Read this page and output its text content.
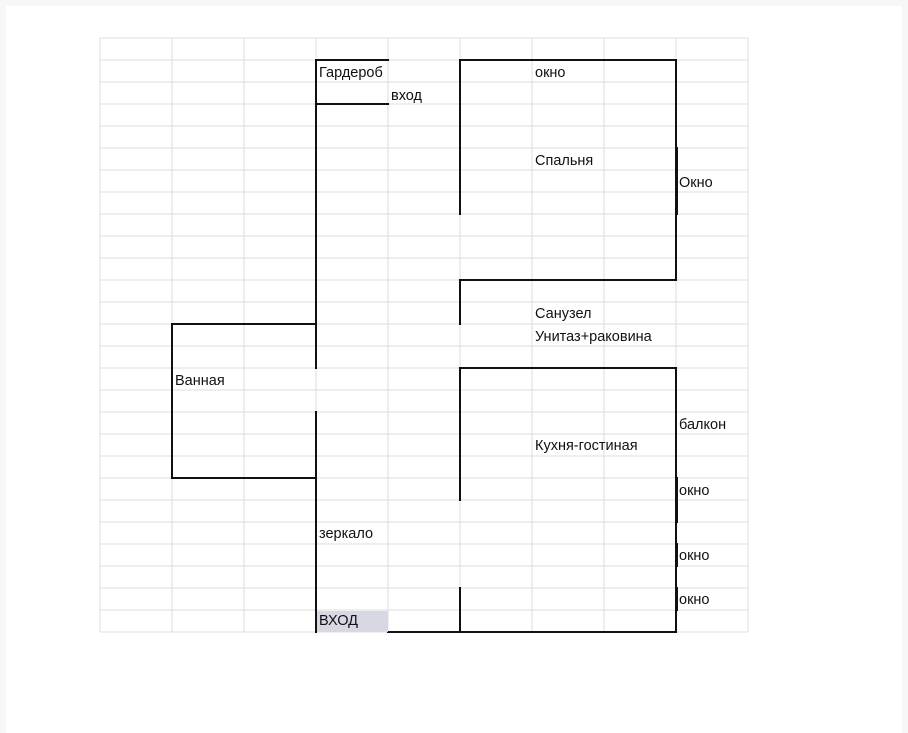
Гардероб
вход
окно
Спальня
Окно
Санузел
Унитаз+раковина
Ванная
балкон
Кухня-гостиная
окно
зеркало
окно
окно
ВХОД
